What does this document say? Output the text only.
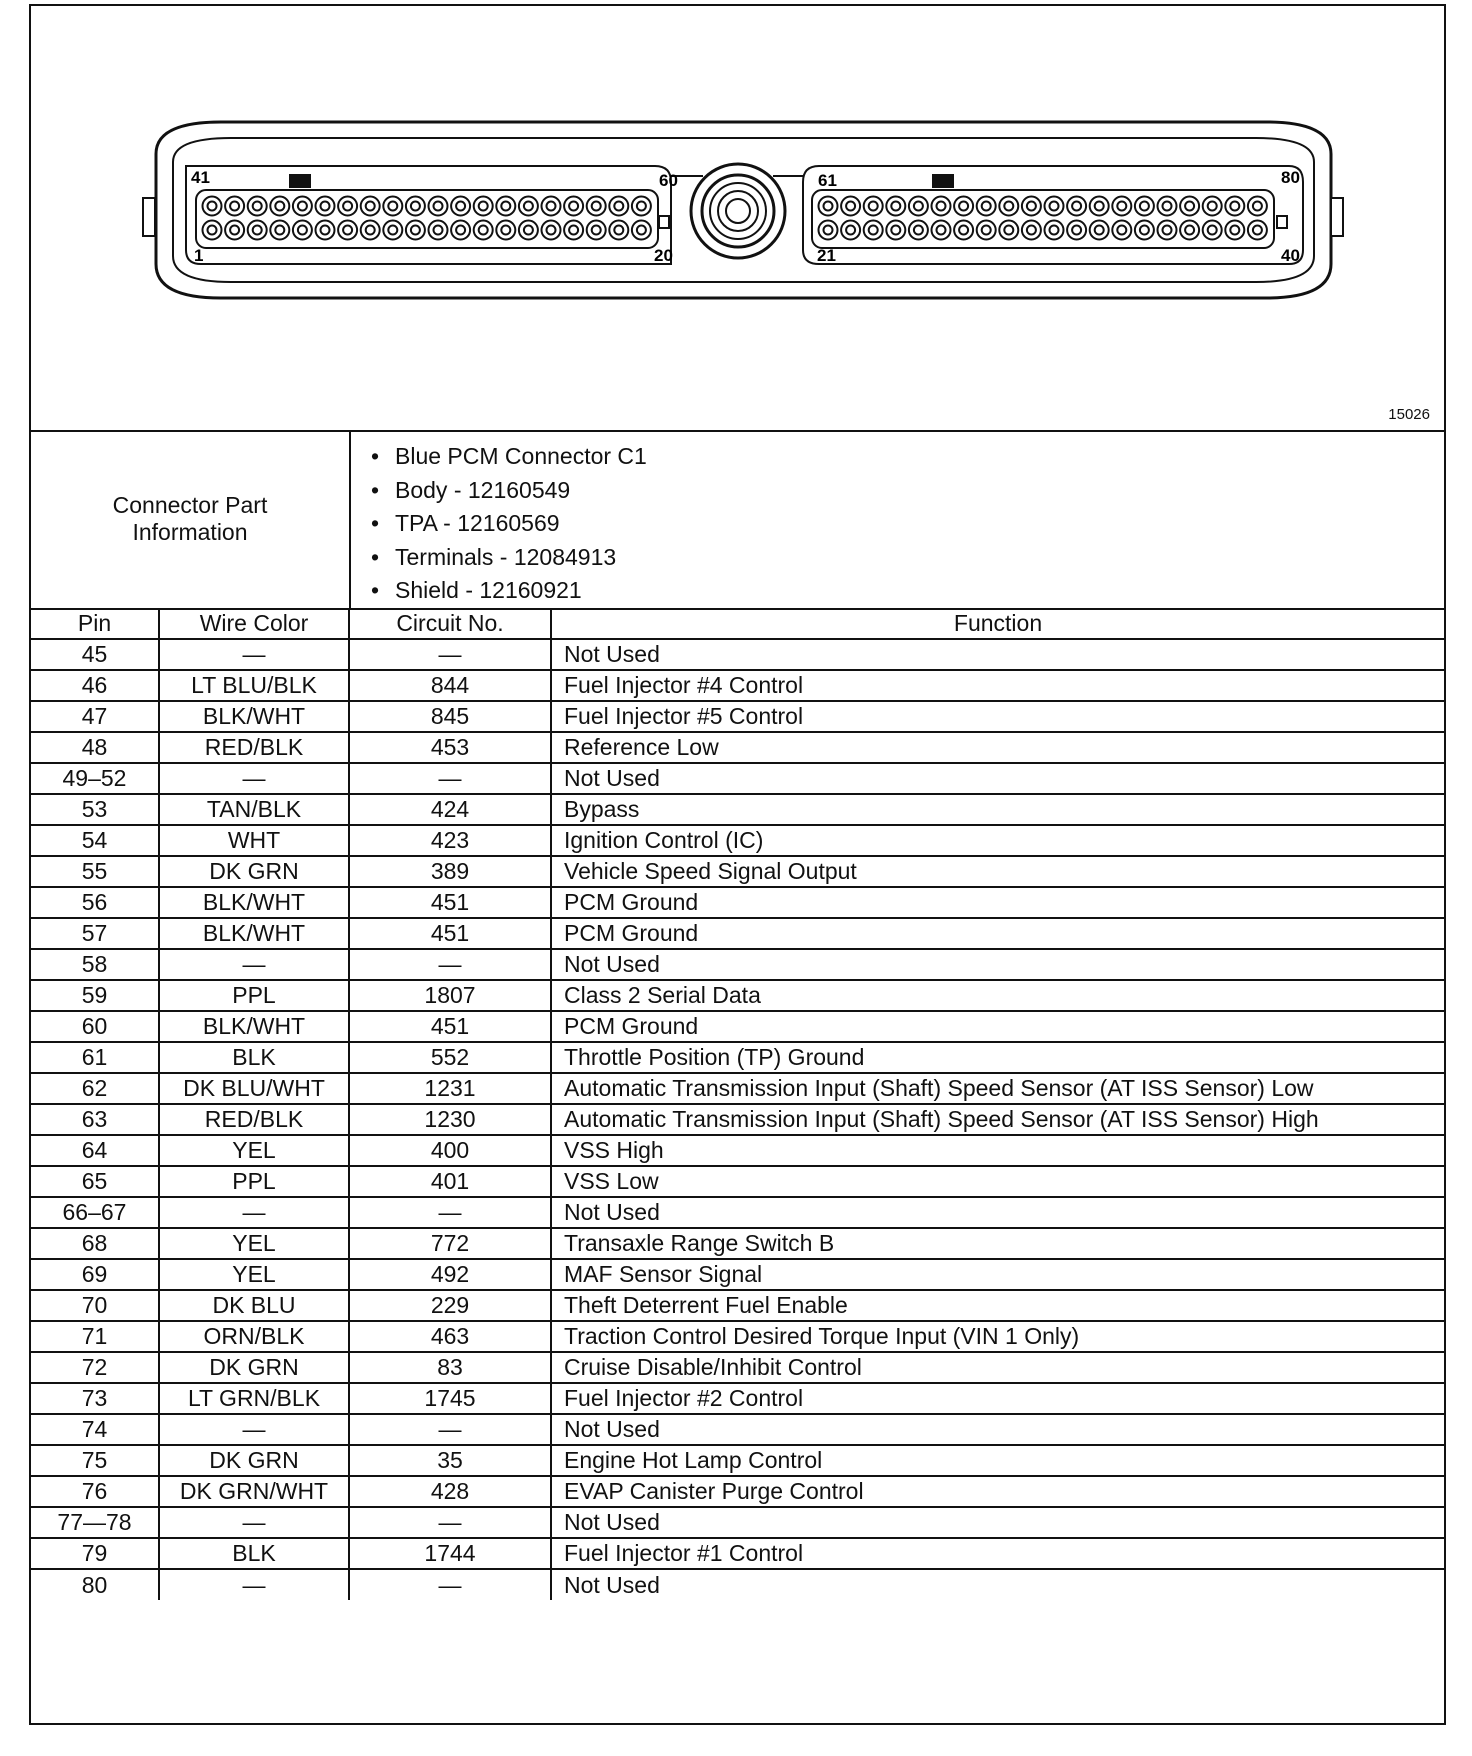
41	60
1	20
61	80
21	40
15026
Connector Part
Information
• Blue PCM Connector C1
• Body - 12160549
• TPA - 12160569
• Terminals - 12084913
• Shield - 12160921
Pin	Wire Color	Circuit No.	Function
45	—	—	Not Used
46	LT BLU/BLK	844	Fuel Injector #4 Control
47	BLK/WHT	845	Fuel Injector #5 Control
48	RED/BLK	453	Reference Low
49–52	—	—	Not Used
53	TAN/BLK	424	Bypass
54	WHT	423	Ignition Control (IC)
55	DK GRN	389	Vehicle Speed Signal Output
56	BLK/WHT	451	PCM Ground
57	BLK/WHT	451	PCM Ground
58	—	—	Not Used
59	PPL	1807	Class 2 Serial Data
60	BLK/WHT	451	PCM Ground
61	BLK	552	Throttle Position (TP) Ground
62	DK BLU/WHT	1231	Automatic Transmission Input (Shaft) Speed Sensor (AT ISS Sensor) Low
63	RED/BLK	1230	Automatic Transmission Input (Shaft) Speed Sensor (AT ISS Sensor) High
64	YEL	400	VSS High
65	PPL	401	VSS Low
66–67	—	—	Not Used
68	YEL	772	Transaxle Range Switch B
69	YEL	492	MAF Sensor Signal
70	DK BLU	229	Theft Deterrent Fuel Enable
71	ORN/BLK	463	Traction Control Desired Torque Input (VIN 1 Only)
72	DK GRN	83	Cruise Disable/Inhibit Control
73	LT GRN/BLK	1745	Fuel Injector #2 Control
74	—	—	Not Used
75	DK GRN	35	Engine Hot Lamp Control
76	DK GRN/WHT	428	EVAP Canister Purge Control
77—78	—	—	Not Used
79	BLK	1744	Fuel Injector #1 Control
80	—	—	Not Used
